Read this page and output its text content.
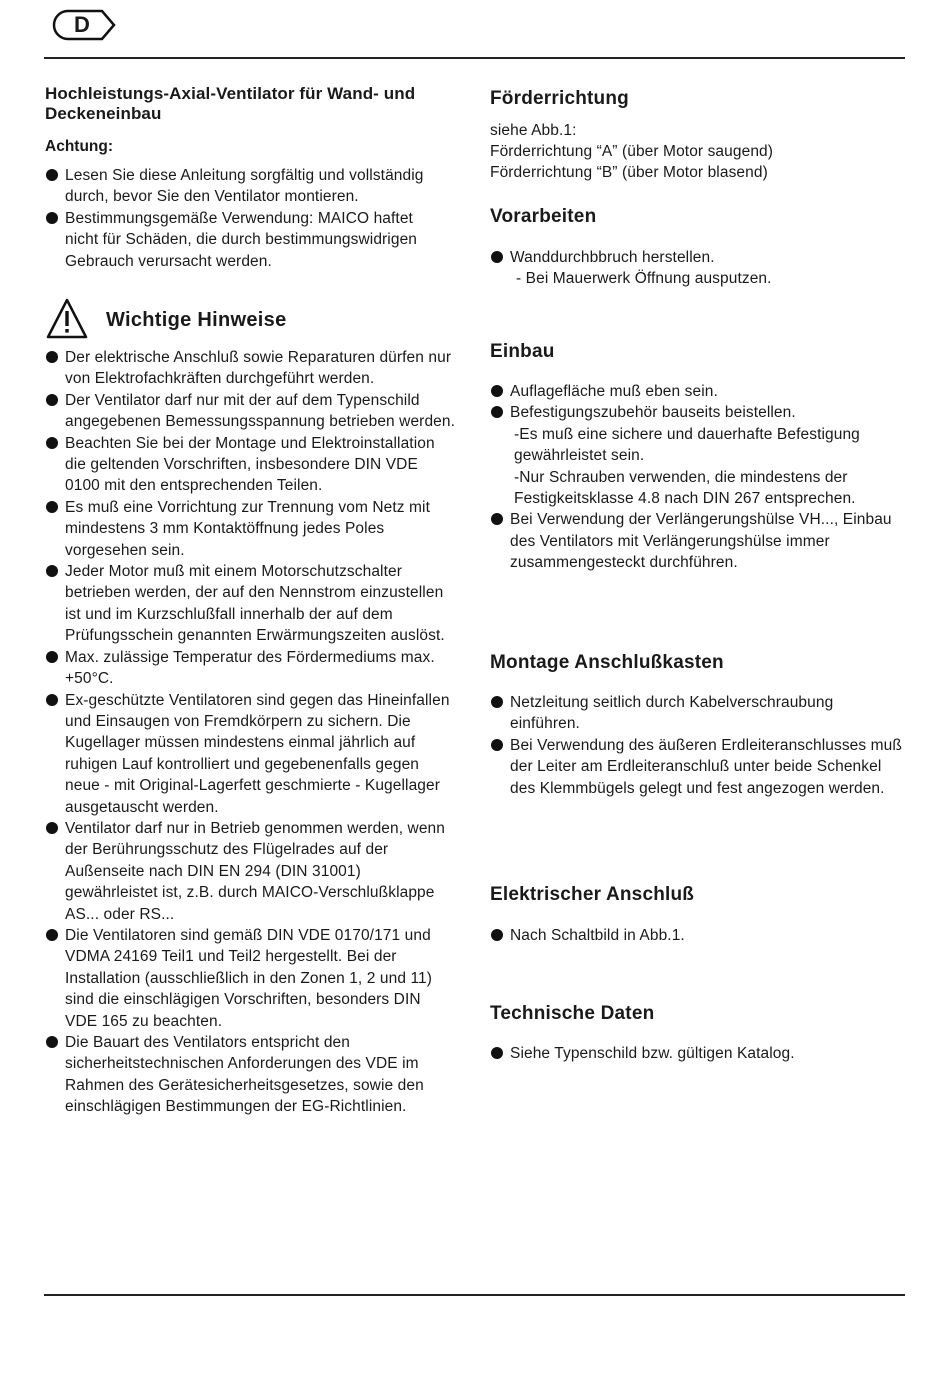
D
Hochleistungs-Axial-Ventilator für Wand- und Deckeneinbau
Achtung:
Lesen Sie diese Anleitung sorgfältig und vollständig durch, bevor Sie den Ventilator montieren.
Bestimmungsgemäße Verwendung: MAICO haftet nicht für Schäden, die durch bestimmungswidrigen Gebrauch verursacht werden.
Wichtige Hinweise
Der elektrische Anschluß sowie Reparaturen dürfen nur von Elektrofachkräften durchgeführt werden.
Der Ventilator darf nur mit der auf dem Typenschild angegebenen Bemessungsspannung betrieben werden.
Beachten Sie bei der Montage und Elektroinstallation die geltenden Vorschriften, insbesondere DIN VDE 0100 mit den entsprechenden Teilen.
Es muß eine Vorrichtung zur Trennung vom Netz mit mindestens 3 mm Kontaktöffnung jedes Poles vorgesehen sein.
Jeder Motor muß mit einem Motorschutzschalter betrieben werden, der auf den Nennstrom einzustellen ist und im Kurzschlußfall innerhalb der auf dem Prüfungsschein genannten Erwärmungszeiten auslöst.
Max. zulässige Temperatur des Fördermediums max. +50°C.
Ex-geschützte Ventilatoren sind gegen das Hineinfallen und Einsaugen von Fremdkörpern zu sichern. Die Kugellager müssen mindestens einmal jährlich auf ruhigen Lauf kontrolliert und gegebenenfalls gegen neue - mit Original-Lagerfett geschmierte - Kugellager ausgetauscht werden.
Ventilator darf nur in Betrieb genommen werden, wenn der Berührungsschutz des Flügelrades auf der Außenseite nach DIN EN 294 (DIN 31001) gewährleistet ist, z.B. durch MAICO-Verschlußklappe AS... oder RS...
Die Ventilatoren sind gemäß DIN VDE 0170/171 und VDMA 24169 Teil1 und Teil2 hergestellt. Bei der Installation (ausschließlich in den Zonen 1, 2 und 11) sind die einschlägigen Vorschriften, besonders DIN VDE 165 zu beachten.
Die Bauart des Ventilators entspricht den sicherheitstechnischen Anforderungen des VDE im Rahmen des Gerätesicherheitsgesetzes, sowie den einschlägigen Bestimmungen der EG-Richtlinien.
Förderrichtung

siehe Abb.1:

Förderrichtung “A” (über Motor saugend)

Förderrichtung “B” (über Motor blasend)

Vorarbeiten
Wanddurchbbruch herstellen.
- Bei Mauerwerk Öffnung ausputzen.
Einbau
Auflagefläche muß eben sein.
Befestigungszubehör bauseits beistellen.
-Es muß eine sichere und dauerhafte Befestigung gewährleistet sein.
-Nur Schrauben verwenden, die mindestens der Festigkeitsklasse 4.8 nach DIN 267 entsprechen.
Bei Verwendung der Verlängerungshülse VH..., Einbau des Ventilators mit Verlängerungshülse immer zusammengesteckt durchführen.
Montage Anschlußkasten
Netzleitung seitlich durch Kabelverschraubung einführen.
Bei Verwendung des äußeren Erdleiteranschlusses muß der Leiter am Erdleiteranschluß unter beide Schenkel des Klemmbügels gelegt und fest angezogen werden.
Elektrischer Anschluß
Nach Schaltbild in Abb.1.
Technische Daten
Siehe Typenschild bzw. gültigen Katalog.
